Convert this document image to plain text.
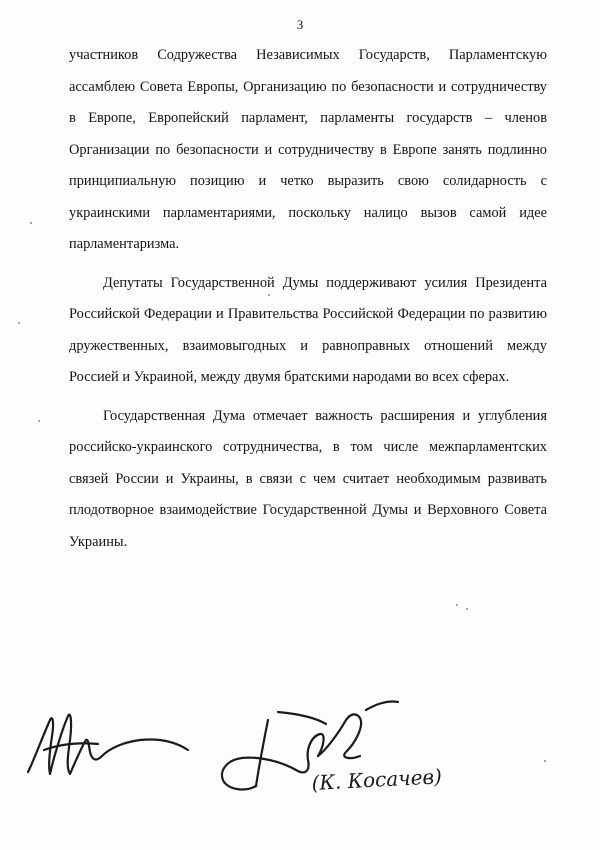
3

участников Содружества Независимых Государств, Парламентскую ассамблею Совета Европы, Организацию по безопасности и сотрудничеству в Европе, Европейский парламент, парламенты государств – членов Организации по безопасности и сотрудничеству в Европе занять подлинно принципиальную позицию и четко выразить свою солидарность с украинскими парламентариями, поскольку налицо вызов самой идее парламентаризма.

Депутаты Государственной Думы поддерживают усилия Президента Российской Федерации и Правительства Российской Федерации по развитию дружественных, взаимовыгодных и равноправных отношений между Россией и Украиной, между двумя братскими народами во всех сферах.

Государственная Дума отмечает важность расширения и углубления российско-украинского сотрудничества, в том числе межпарламентских связей России и Украины, в связи с чем считает необходимым развивать плодотворное взаимодействие Государственной Думы и Верховного Совета Украины.

(К. Косачев)
